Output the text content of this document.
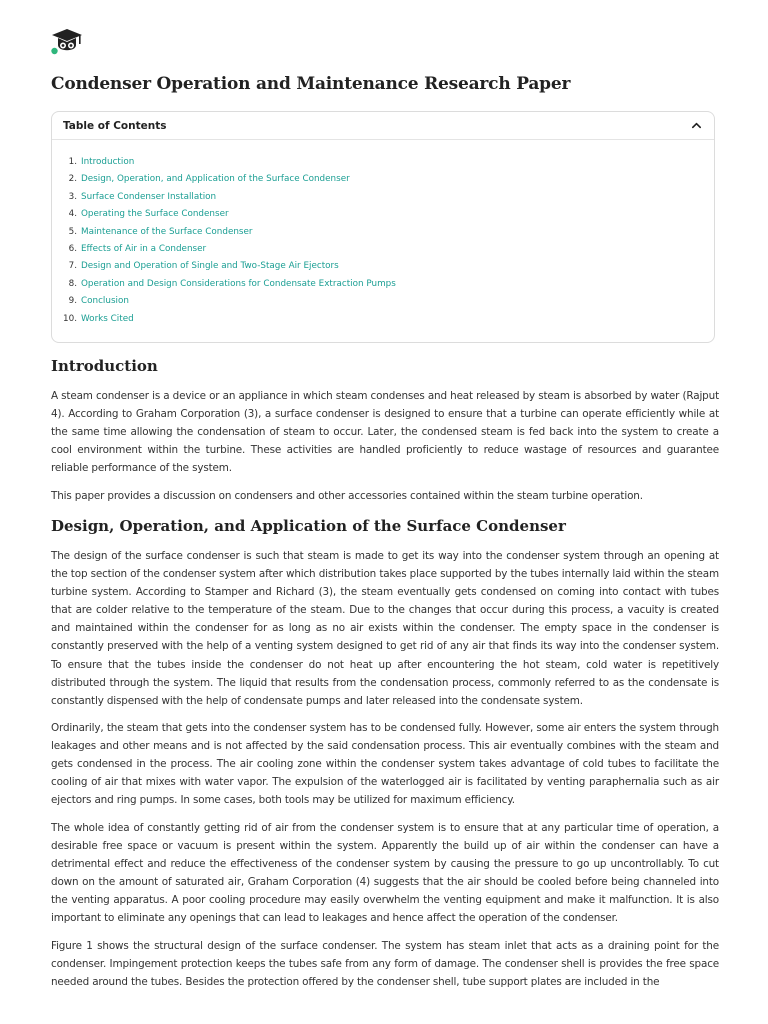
Condenser Operation and Maintenance Research Paper
Table of Contents
Introduction
Design, Operation, and Application of the Surface Condenser
Surface Condenser Installation
Operating the Surface Condenser
Maintenance of the Surface Condenser
Effects of Air in a Condenser
Design and Operation of Single and Two-Stage Air Ejectors
Operation and Design Considerations for Condensate Extraction Pumps
Conclusion
Works Cited
Introduction

A steam condenser is a device or an appliance in which steam condenses and heat released by steam is absorbed by water (Rajput 4). According to Graham Corporation (3), a surface condenser is designed to ensure that a turbine can operate efficiently while at the same time allowing the condensation of steam to occur. Later, the condensed steam is fed back into the system to create a cool environment within the turbine. These activities are handled proficiently to reduce wastage of resources and guarantee reliable performance of the system.

This paper provides a discussion on condensers and other accessories contained within the steam turbine operation.

Design, Operation, and Application of the Surface Condenser

The design of the surface condenser is such that steam is made to get its way into the condenser system through an opening at the top section of the condenser system after which distribution takes place supported by the tubes internally laid within the steam turbine system. According to Stamper and Richard (3), the steam eventually gets condensed on coming into contact with tubes that are colder relative to the temperature of the steam. Due to the changes that occur during this process, a vacuity is created and maintained within the condenser for as long as no air exists within the condenser. The empty space in the condenser is constantly preserved with the help of a venting system designed to get rid of any air that finds its way into the condenser system. To ensure that the tubes inside the condenser do not heat up after encountering the hot steam, cold water is repetitively distributed through the system. The liquid that results from the condensation process, commonly referred to as the condensate is constantly dispensed with the help of condensate pumps and later released into the condensate system.

Ordinarily, the steam that gets into the condenser system has to be condensed fully. However, some air enters the system through leakages and other means and is not affected by the said condensation process. This air eventually combines with the steam and gets condensed in the process. The air cooling zone within the condenser system takes advantage of cold tubes to facilitate the cooling of air that mixes with water vapor. The expulsion of the waterlogged air is facilitated by venting paraphernalia such as air ejectors and ring pumps. In some cases, both tools may be utilized for maximum efficiency.

The whole idea of constantly getting rid of air from the condenser system is to ensure that at any particular time of operation, a desirable free space or vacuum is present within the system. Apparently the build up of air within the condenser can have a detrimental effect and reduce the effectiveness of the condenser system by causing the pressure to go up uncontrollably. To cut down on the amount of saturated air, Graham Corporation (4) suggests that the air should be cooled before being channeled into the venting apparatus. A poor cooling procedure may easily overwhelm the venting equipment and make it malfunction. It is also important to eliminate any openings that can lead to leakages and hence affect the operation of the condenser.

Figure 1 shows the structural design of the surface condenser. The system has steam inlet that acts as a draining point for the condenser. Impingement protection keeps the tubes safe from any form of damage. The condenser shell is provides the free space needed around the tubes. Besides the protection offered by the condenser shell, tube support plates are included in the
